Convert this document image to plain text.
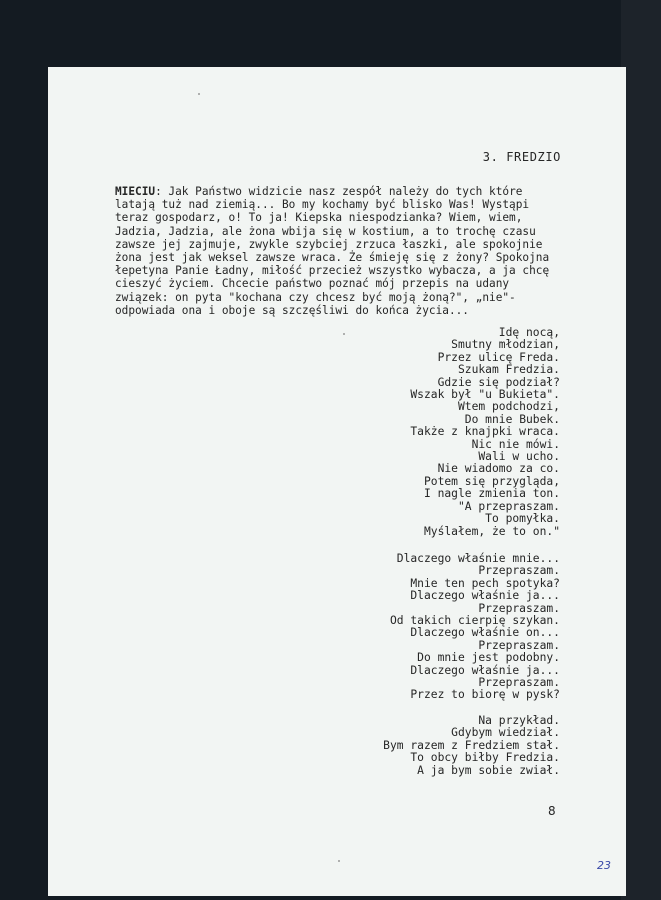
3. FREDZIO
MIECIU: Jak Państwo widzicie nasz zespół należy do tych które
latają tuż nad ziemią... Bo my kochamy być blisko Was! Wystąpi
teraz gospodarz, o! To ja! Kiepska niespodzianka? Wiem, wiem,
Jadzia, Jadzia, ale żona wbija się w kostium, a to trochę czasu
zawsze jej zajmuje, zwykle szybciej zrzuca łaszki, ale spokojnie
żona jest jak weksel zawsze wraca. Że śmieję się z żony? Spokojna
łepetyna Panie Ładny, miłość przecież wszystko wybacza, a ja chcę
cieszyć życiem. Chcecie państwo poznać mój przepis na udany
związek: on pyta "kochana czy chcesz być moją żoną?", „nie"-
odpowiada ona i oboje są szczęśliwi do końca życia...
Idę nocą,
Smutny młodzian,
Przez ulicę Freda.
Szukam Fredzia.
Gdzie się podział?
Wszak był "u Bukieta".
Wtem podchodzi,
Do mnie Bubek.
Także z knajpki wraca.
Nic nie mówi.
Wali w ucho.
Nie wiadomo za co.
Potem się przygląda,
I nagle zmienia ton.
"A przepraszam.
To pomyłka.
Myślałem, że to on."
Dlaczego właśnie mnie...
Przepraszam.
Mnie ten pech spotyka?
Dlaczego właśnie ja...
Przepraszam.
Od takich cierpię szykan.
Dlaczego właśnie on...
Przepraszam.
Do mnie jest podobny.
Dlaczego właśnie ja...
Przepraszam.
Przez to biorę w pysk?
Na przykład.
Gdybym wiedział.
Bym razem z Fredziem stał.
To obcy biłby Fredzia.
A ja bym sobie zwiał.
8
23
